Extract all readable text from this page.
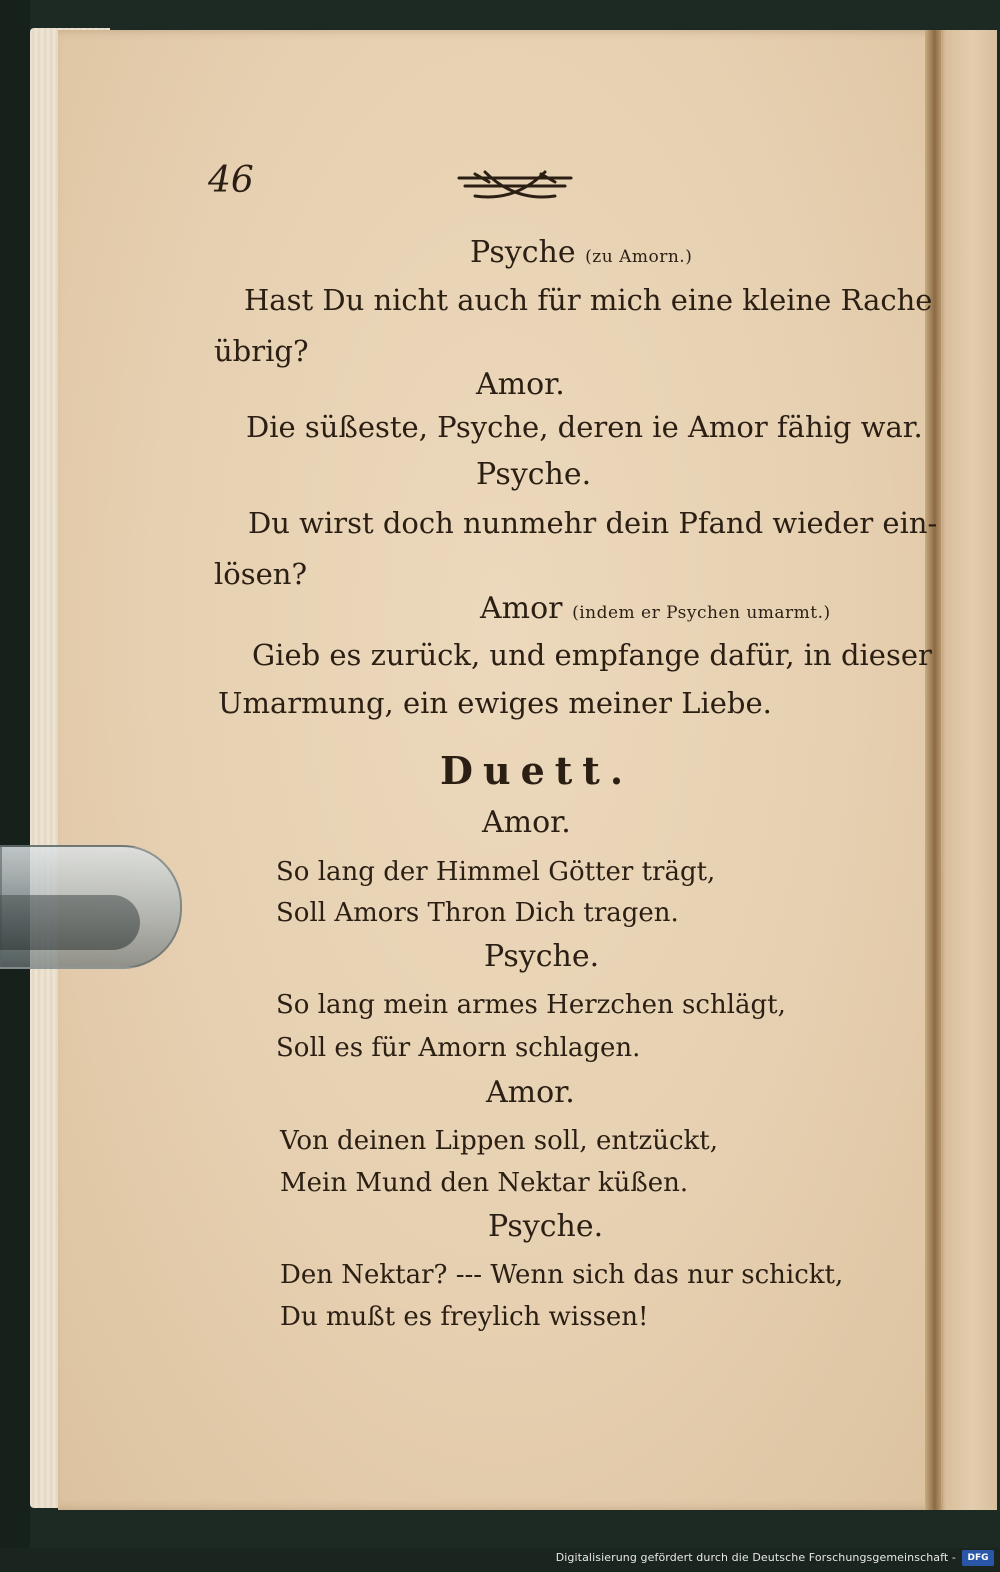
46
Psyche (zu Amorn.)
Hast Du nicht auch für mich eine kleine Rache
übrig?
Amor.
Die süßeste, Psyche, deren ie Amor fähig war.
Psyche.
Du wirst doch nunmehr dein Pfand wieder ein-
lösen?
Amor (indem er Psychen umarmt.)
Gieb es zurück, und empfange dafür, in dieser
Umarmung, ein ewiges meiner Liebe.
Duett.
Amor.
So lang der Himmel Götter trägt,
Soll Amors Thron Dich tragen.
Psyche.
So lang mein armes Herzchen schlägt,
Soll es für Amorn schlagen.
Amor.
Von deinen Lippen soll, entzückt,
Mein Mund den Nektar küßen.
Psyche.
Den Nektar? --- Wenn sich das nur schickt,
Du mußt es freylich wissen!
Digitalisierung gefördert durch die Deutsche Forschungsgemeinschaft -	DFG
